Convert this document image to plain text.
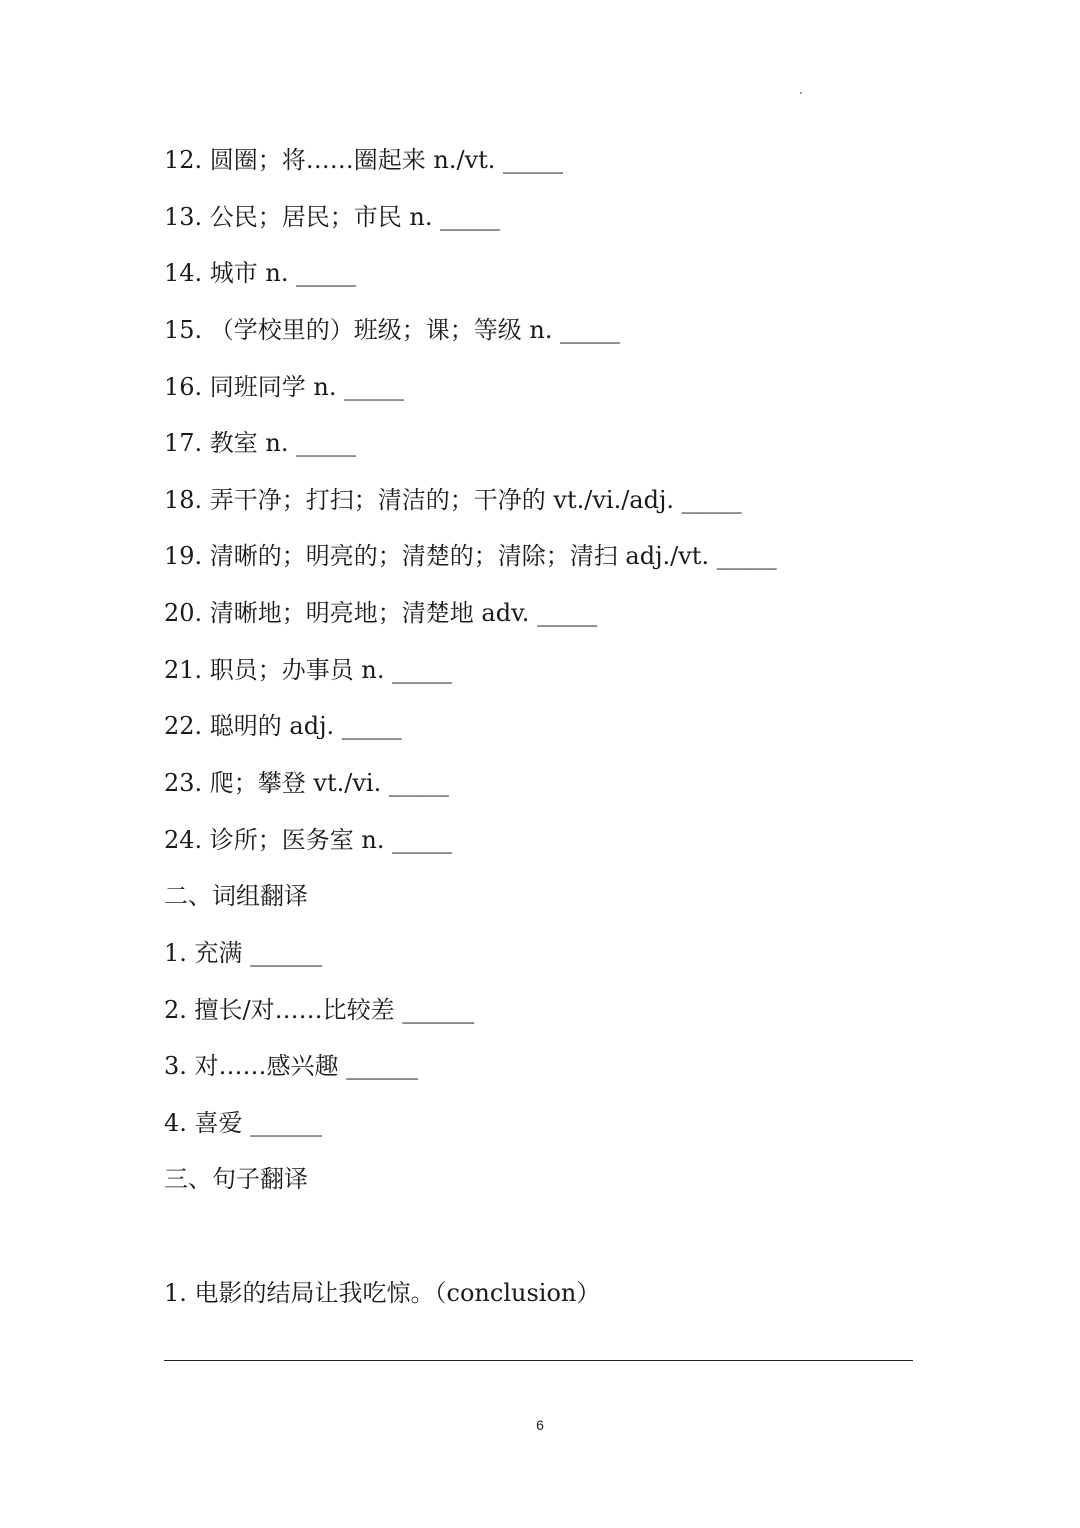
12. 圆圈；将……圈起来 n./vt. _____
13. 公民；居民；市民 n. _____
14. 城市 n. _____
15. （学校里的）班级；课；等级 n. _____
16. 同班同学 n. _____
17. 教室 n. _____
18. 弄干净；打扫；清洁的；干净的 vt./vi./adj. _____
19. 清晰的；明亮的；清楚的；清除；清扫 adj./vt. _____
20. 清晰地；明亮地；清楚地 adv. _____
21. 职员；办事员 n. _____
22. 聪明的 adj. _____
23. 爬；攀登 vt./vi. _____
24. 诊所；医务室 n. _____
二、词组翻译
1. 充满 ______
2. 擅长/对……比较差 ______
3. 对……感兴趣 ______
4. 喜爱 ______
三、句子翻译
1. 电影的结局让我吃惊。（conclusion）
6
